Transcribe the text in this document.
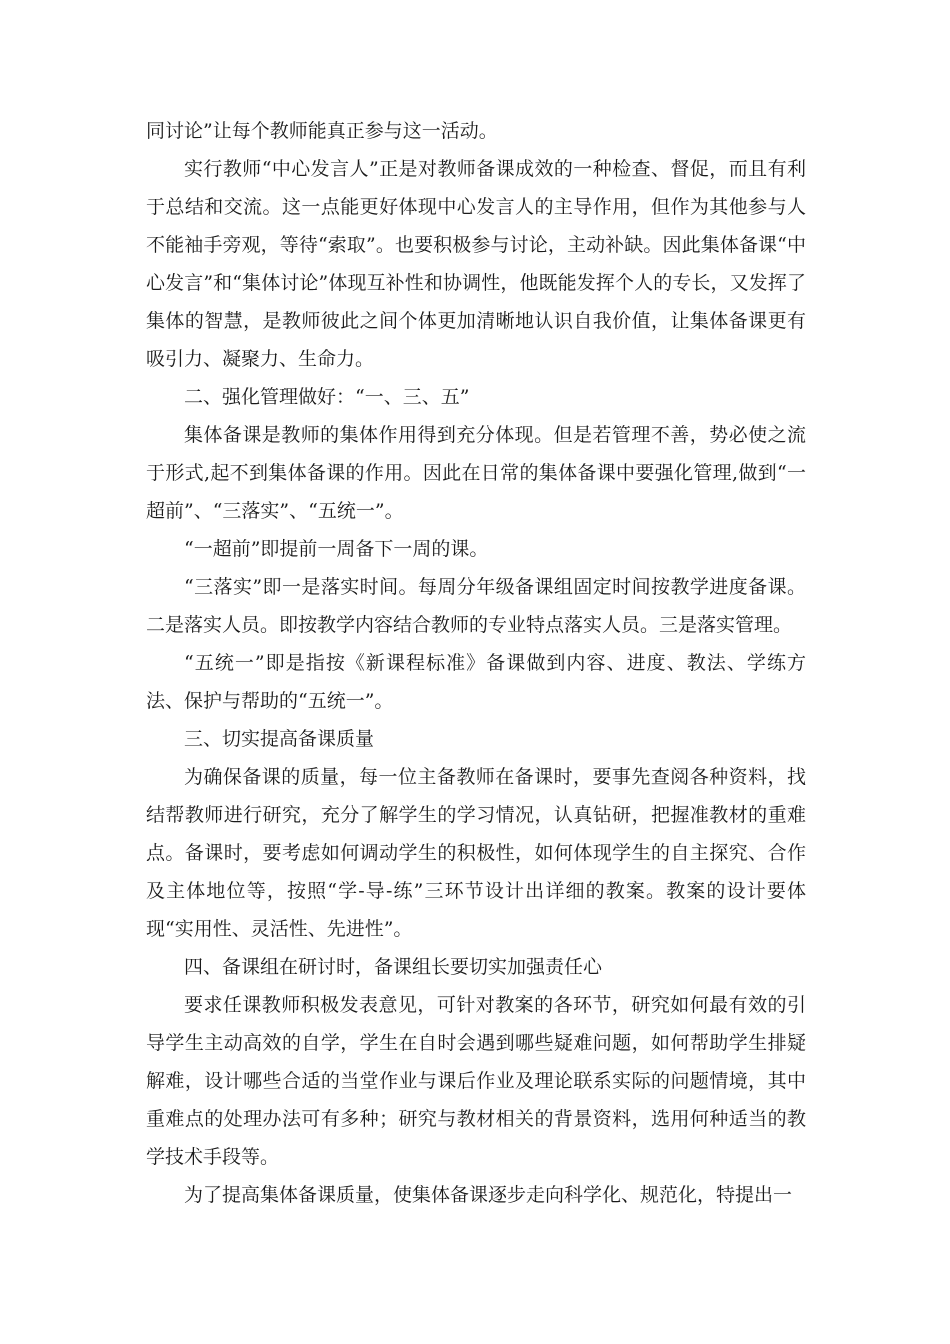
同讨论”让每个教师能真正参与这一活动。

实行教师“中心发言人”正是对教师备课成效的一种检查、督促，而且有利于总结和交流。这一点能更好体现中心发言人的主导作用，但作为其他参与人不能袖手旁观，等待“索取”。也要积极参与讨论，主动补缺。因此集体备课“中心发言”和“集体讨论”体现互补性和协调性，他既能发挥个人的专长，又发挥了集体的智慧，是教师彼此之间个体更加清晰地认识自我价值，让集体备课更有吸引力、凝聚力、生命力。

二、强化管理做好：“一、三、五”

集体备课是教师的集体作用得到充分体现。但是若管理不善，势必使之流于形式,起不到集体备课的作用。因此在日常的集体备课中要强化管理,做到“一超前”、“三落实”、“五统一”。

“一超前”即提前一周备下一周的课。

“三落实”即一是落实时间。每周分年级备课组固定时间按教学进度备课。二是落实人员。即按教学内容结合教师的专业特点落实人员。三是落实管理。

“五统一”即是指按《新课程标准》备课做到内容、进度、教法、学练方法、保护与帮助的“五统一”。

三、切实提高备课质量

为确保备课的质量，每一位主备教师在备课时，要事先查阅各种资料，找结帮教师进行研究，充分了解学生的学习情况，认真钻研，把握准教材的重难点。备课时，要考虑如何调动学生的积极性，如何体现学生的自主探究、合作及主体地位等，按照“学-导-练”三环节设计出详细的教案。教案的设计要体现“实用性、灵活性、先进性”。

四、备课组在研讨时，备课组长要切实加强责任心

要求任课教师积极发表意见，可针对教案的各环节，研究如何最有效的引导学生主动高效的自学，学生在自时会遇到哪些疑难问题，如何帮助学生排疑解难，设计哪些合适的当堂作业与课后作业及理论联系实际的问题情境，其中重难点的处理办法可有多种；研究与教材相关的背景资料，选用何种适当的教学技术手段等。

为了提高集体备课质量，使集体备课逐步走向科学化、规范化，特提出一
